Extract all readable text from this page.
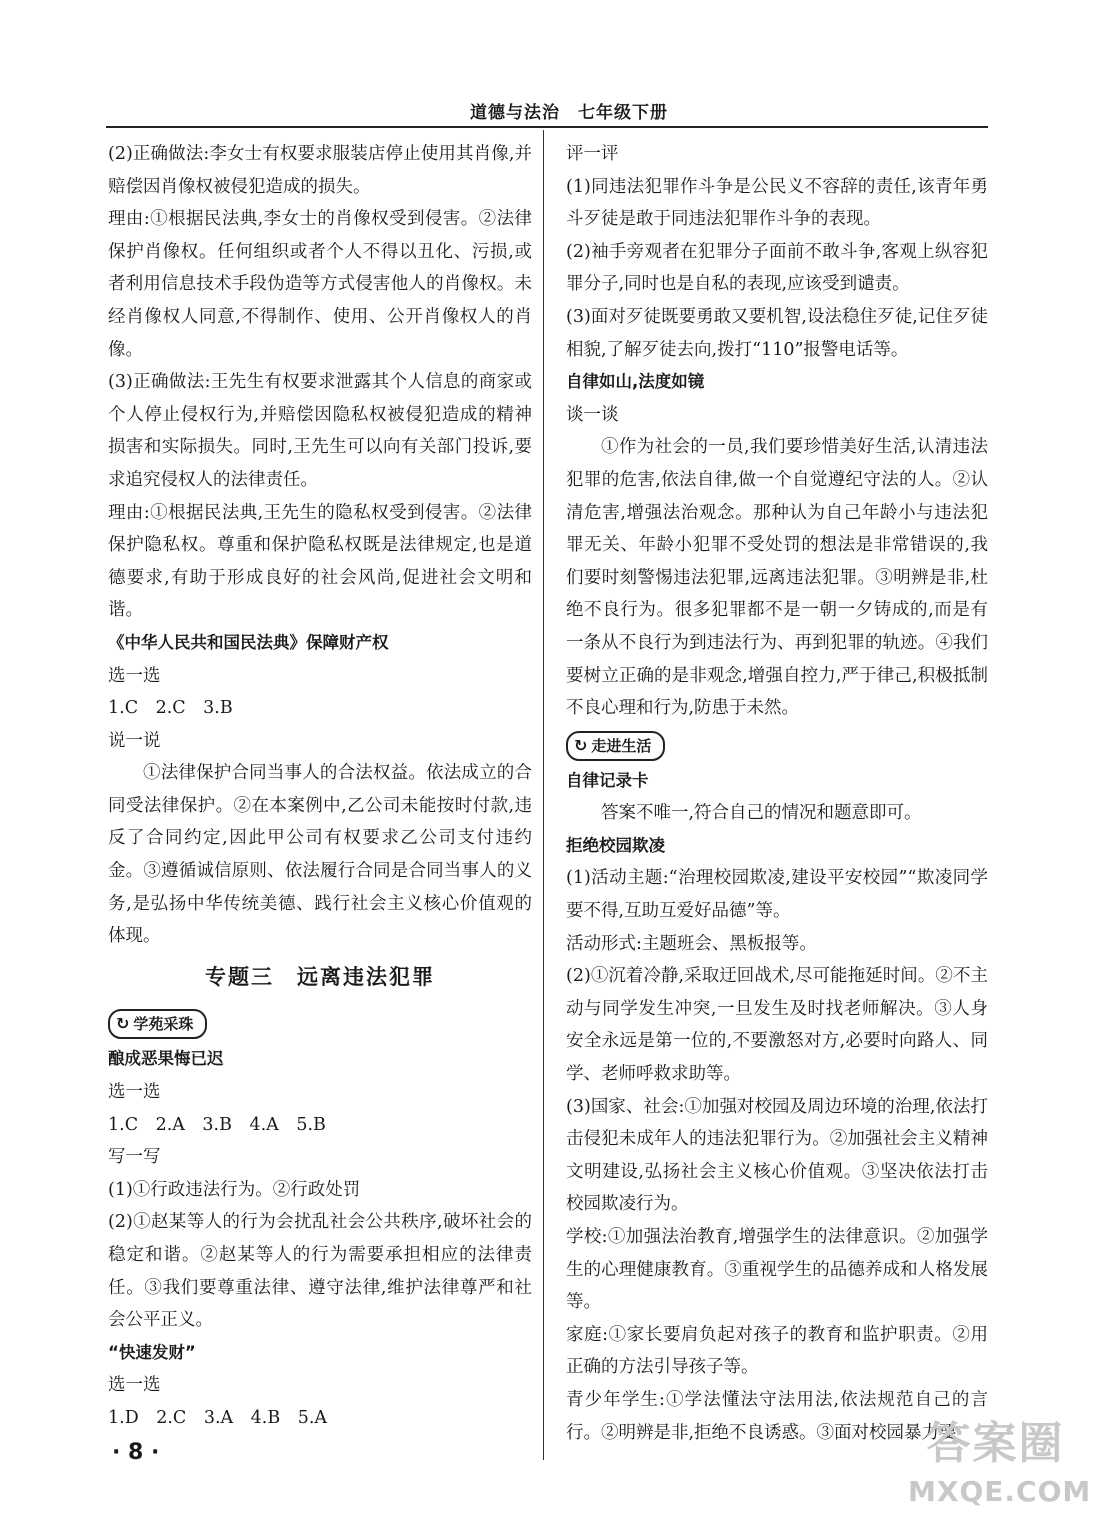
道德与法治　七年级下册

(2)正确做法:李女士有权要求服装店停止使用其肖像,并赔偿因肖像权被侵犯造成的损失。

理由:①根据民法典,李女士的肖像权受到侵害。②法律保护肖像权。任何组织或者个人不得以丑化、污损,或者利用信息技术手段伪造等方式侵害他人的肖像权。未经肖像权人同意,不得制作、使用、公开肖像权人的肖像。

(3)正确做法:王先生有权要求泄露其个人信息的商家或个人停止侵权行为,并赔偿因隐私权被侵犯造成的精神损害和实际损失。同时,王先生可以向有关部门投诉,要求追究侵权人的法律责任。

理由:①根据民法典,王先生的隐私权受到侵害。②法律保护隐私权。尊重和保护隐私权既是法律规定,也是道德要求,有助于形成良好的社会风尚,促进社会文明和谐。

《中华人民共和国民法典》保障财产权

选一选

1.C　2.C　3.B

说一说

①法律保护合同当事人的合法权益。依法成立的合同受法律保护。②在本案例中,乙公司未能按时付款,违反了合同约定,因此甲公司有权要求乙公司支付违约金。③遵循诚信原则、依法履行合同是合同当事人的义务,是弘扬中华传统美德、践行社会主义核心价值观的体现。

专题三　远离违法犯罪

↻ 学苑采珠

酿成恶果悔已迟

选一选

1.C　2.A　3.B　4.A　5.B

写一写

(1)①行政违法行为。②行政处罚

(2)①赵某等人的行为会扰乱社会公共秩序,破坏社会的稳定和谐。②赵某等人的行为需要承担相应的法律责任。③我们要尊重法律、遵守法律,维护法律尊严和社会公平正义。

“快速发财”

选一选

1.D　2.C　3.A　4.B　5.A

评一评

(1)同违法犯罪作斗争是公民义不容辞的责任,该青年勇斗歹徒是敢于同违法犯罪作斗争的表现。

(2)袖手旁观者在犯罪分子面前不敢斗争,客观上纵容犯罪分子,同时也是自私的表现,应该受到谴责。

(3)面对歹徒既要勇敢又要机智,设法稳住歹徒,记住歹徒相貌,了解歹徒去向,拨打“110”报警电话等。

自律如山,法度如镜

谈一谈

①作为社会的一员,我们要珍惜美好生活,认清违法犯罪的危害,依法自律,做一个自觉遵纪守法的人。②认清危害,增强法治观念。那种认为自己年龄小与违法犯罪无关、年龄小犯罪不受处罚的想法是非常错误的,我们要时刻警惕违法犯罪,远离违法犯罪。③明辨是非,杜绝不良行为。很多犯罪都不是一朝一夕铸成的,而是有一条从不良行为到违法行为、再到犯罪的轨迹。④我们要树立正确的是非观念,增强自控力,严于律己,积极抵制不良心理和行为,防患于未然。

↻ 走进生活

自律记录卡

答案不唯一,符合自己的情况和题意即可。

拒绝校园欺凌

(1)活动主题:“治理校园欺凌,建设平安校园”“欺凌同学要不得,互助互爱好品德”等。

活动形式:主题班会、黑板报等。

(2)①沉着冷静,采取迂回战术,尽可能拖延时间。②不主动与同学发生冲突,一旦发生及时找老师解决。③人身安全永远是第一位的,不要激怒对方,必要时向路人、同学、老师呼救求助等。

(3)国家、社会:①加强对校园及周边环境的治理,依法打击侵犯未成年人的违法犯罪行为。②加强社会主义精神文明建设,弘扬社会主义核心价值观。③坚决依法打击校园欺凌行为。

学校:①加强法治教育,增强学生的法律意识。②加强学生的心理健康教育。③重视学生的品德养成和人格发展等。

家庭:①家长要肩负起对孩子的教育和监护职责。②用正确的方法引导孩子等。

青少年学生:①学法懂法守法用法,依法规范自己的言行。②明辨是非,拒绝不良诱惑。③面对校园暴力要

· 8 ·	答案圈
MXQE.COM
